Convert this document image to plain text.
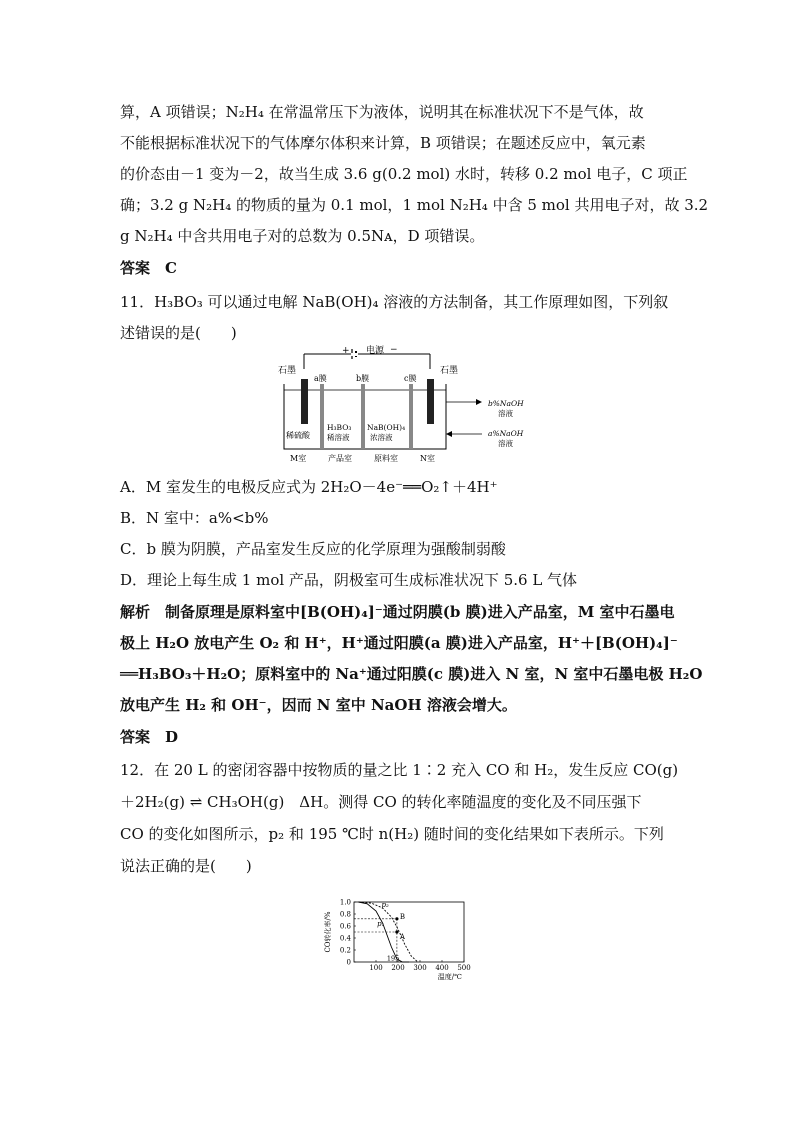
算，A 项错误；N₂H₄ 在常温常压下为液体，说明其在标准状况下不是气体，故
不能根据标准状况下的气体摩尔体积来计算，B 项错误；在题述反应中，氧元素
的价态由－1 变为－2，故当生成 3.6 g(0.2 mol) 水时，转移 0.2 mol 电子，C 项正
确；3.2 g N₂H₄ 的物质的量为 0.1 mol，1 mol N₂H₄ 中含 5 mol 共用电子对，故 3.2
g N₂H₄ 中含共用电子对的总数为 0.5Nᴀ，D 项错误。
答案　C
11．H₃BO₃ 可以通过电解 NaB(OH)₄ 溶液的方法制备，其工作原理如图，下列叙
述错误的是(　　)
+ 电源 −
石墨	石墨
a膜	b膜	c膜
稀硫酸
H₃BO₃
稀溶液
NaB(OH)₄
浓溶液
b%NaOH
溶液
a%NaOH
溶液
M室	产品室	原料室	N室
A．M 室发生的电极反应式为 2H₂O－4e⁻══O₂↑＋4H⁺
B．N 室中：a%<b%
C．b 膜为阴膜，产品室发生反应的化学原理为强酸制弱酸
D．理论上每生成 1 mol 产品，阴极室可生成标准状况下 5.6 L 气体
解析　制备原理是原料室中[B(OH)₄]⁻通过阴膜(b 膜)进入产品室，M 室中石墨电
极上 H₂O 放电产生 O₂ 和 H⁺，H⁺通过阳膜(a 膜)进入产品室，H⁺＋[B(OH)₄]⁻
══H₃BO₃＋H₂O；原料室中的 Na⁺通过阳膜(c 膜)进入 N 室，N 室中石墨电极 H₂O
放电产生 H₂ 和 OH⁻，因而 N 室中 NaOH 溶液会增大。
答案　D
12．在 20 L 的密闭容器中按物质的量之比 1∶2 充入 CO 和 H₂，发生反应 CO(g)
＋2H₂(g) ⇌ CH₃OH(g)　ΔH。测得 CO 的转化率随温度的变化及不同压强下
CO 的变化如图所示，p₂ 和 195 ℃时 n(H₂) 随时间的变化结果如下表所示。下列
说法正确的是(　　)
0
0.2
0.4
0.6
0.8
1.0
100 200 300 400 500
温度/℃
CO转化率/%
p₂
p₁
A
B
195
